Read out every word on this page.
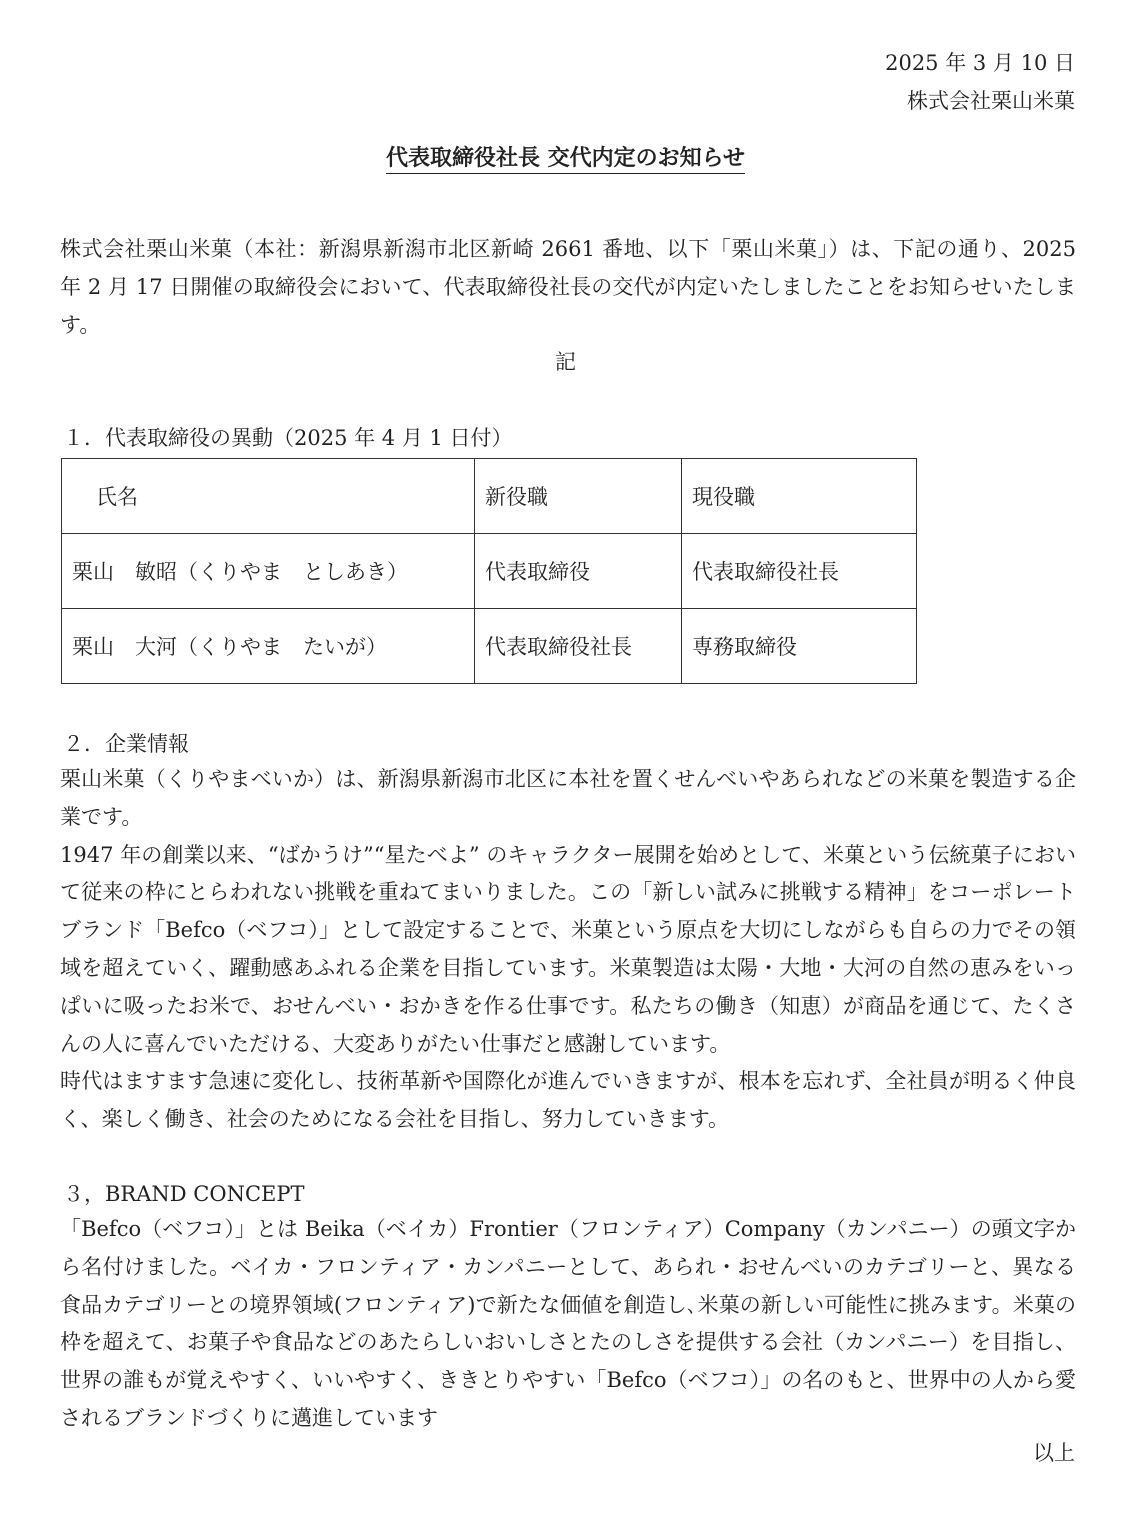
2025 年 3 月 10 日
株式会社栗山米菓
代表取締役社長 交代内定のお知らせ
株式会社栗山米菓（本社：新潟県新潟市北区新崎 2661 番地、以下「栗山米菓」）は、下記の通り、2025 年 2 月 17 日開催の取締役会において、代表取締役社長の交代が内定いたしましたことをお知らせいたします。
記
１．代表取締役の異動（2025 年 4 月 1 日付）
氏名	新役職	現役職
栗山　敏昭（くりやま　としあき）	代表取締役	代表取締役社長
栗山　大河（くりやま　たいが）	代表取締役社長	専務取締役
２．企業情報
栗山米菓（くりやまべいか）は、新潟県新潟市北区に本社を置くせんべいやあられなどの米菓を製造する企業です。
1947 年の創業以来、“ばかうけ”“星たべよ” のキャラクター展開を始めとして、米菓という伝統菓子において従来の枠にとらわれない挑戦を重ねてまいりました。この「新しい試みに挑戦する精神」をコーポレートブランド「Befco（ベフコ）」として設定することで、米菓という原点を大切にしながらも自らの力でその領域を超えていく、躍動感あふれる企業を目指しています。米菓製造は太陽・大地・大河の自然の恵みをいっぱいに吸ったお米で、おせんべい・おかきを作る仕事です。私たちの働き（知恵）が商品を通じて、たくさんの人に喜んでいただける、大変ありがたい仕事だと感謝しています。
時代はますます急速に変化し、技術革新や国際化が進んでいきますが、根本を忘れず、全社員が明るく仲良く、楽しく働き、社会のためになる会社を目指し、努力していきます。
３，BRAND CONCEPT
「Befco（ベフコ）」とは Beika（ベイカ）Frontier（フロンティア）Company（カンパニー）の頭文字から名付けました。ベイカ・フロンティア・カンパニーとして、あられ・おせんべいのカテゴリーと、異なる食品カテゴリーとの境界領域(フロンティア)で新たな価値を創造し､米菓の新しい可能性に挑みます。米菓の枠を超えて、お菓子や食品などのあたらしいおいしさとたのしさを提供する会社（カンパニー）を目指し、世界の誰もが覚えやすく、いいやすく、ききとりやすい「Befco（ベフコ）」の名のもと、世界中の人から愛されるブランドづくりに邁進しています
以上
